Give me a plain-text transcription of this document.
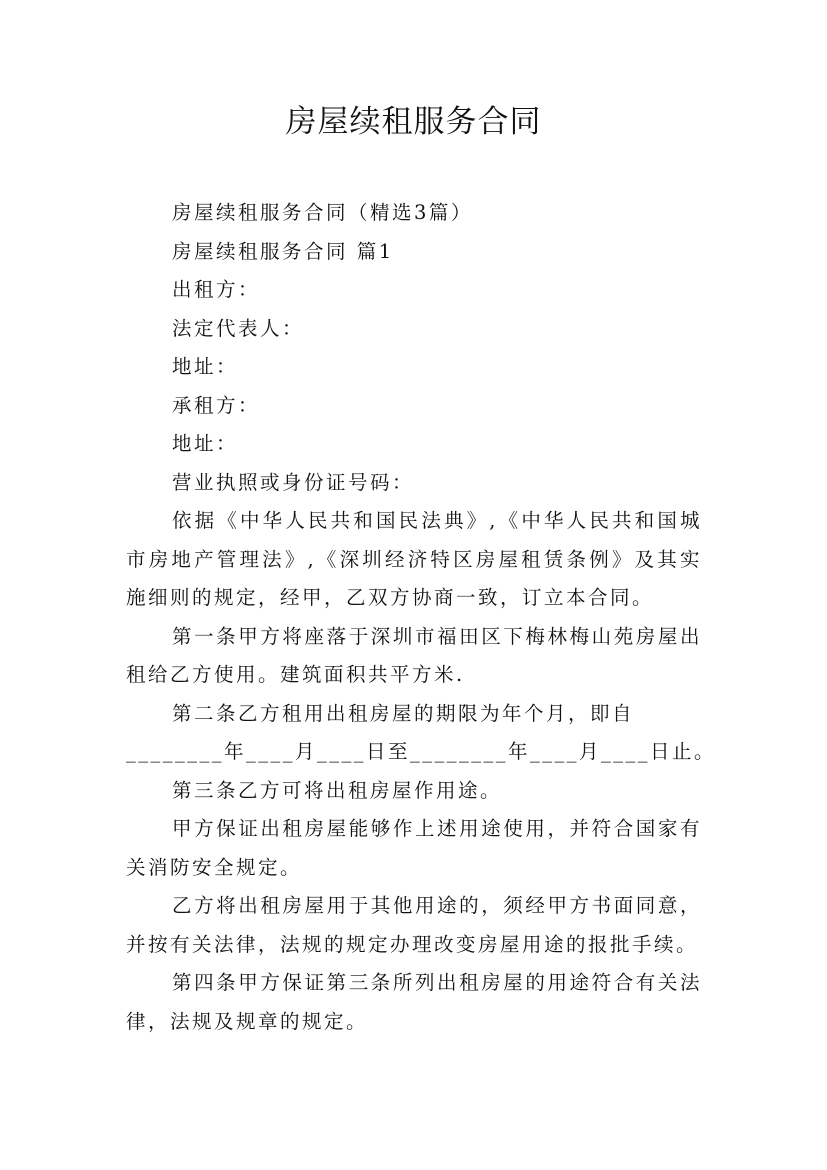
房屋续租服务合同
房屋续租服务合同（精选3篇）
房屋续租服务合同 篇1
出租方：
法定代表人：
地址：
承租方：
地址：
营业执照或身份证号码：
依据《中华人民共和国民法典》,《中华人民共和国城市房地产管理法》,《深圳经济特区房屋租赁条例》及其实施细则的规定，经甲，乙双方协商一致，订立本合同。
第一条甲方将座落于深圳市福田区下梅林梅山苑房屋出租给乙方使用。建筑面积共平方米.
第二条乙方租用出租房屋的期限为年个月，即自
________年____月____日至________年____月____日止。
第三条乙方可将出租房屋作用途。
甲方保证出租房屋能够作上述用途使用，并符合国家有关消防安全规定。
乙方将出租房屋用于其他用途的，须经甲方书面同意，并按有关法律，法规的规定办理改变房屋用途的报批手续。
第四条甲方保证第三条所列出租房屋的用途符合有关法律，法规及规章的规定。
